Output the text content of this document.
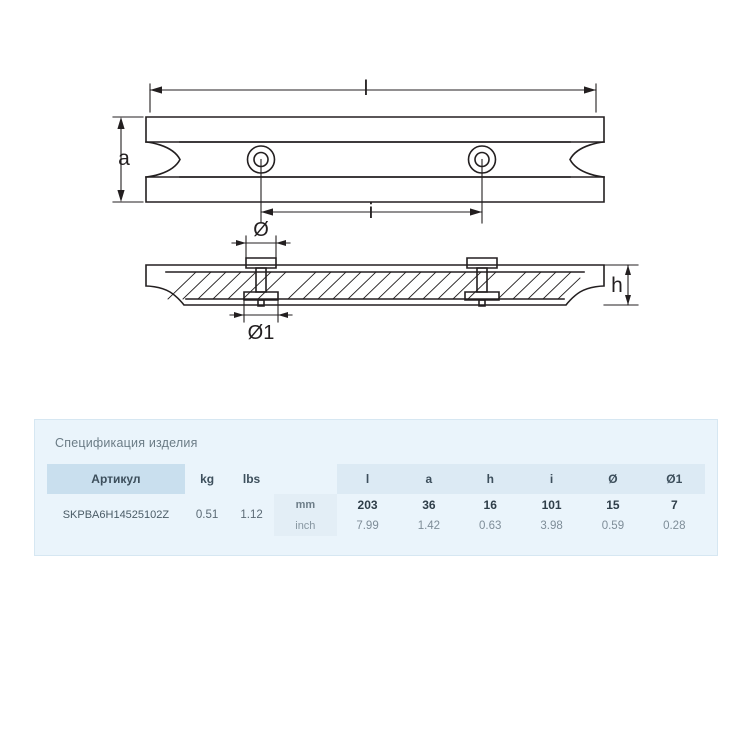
l
a
i
Ø
Ø1
h
Спецификация изделия
Артикул	kg	lbs		l	a	h	i	Ø	Ø1
SKPBA6H14525102Z	0.51	1.12	mm	203	36	16	101	15	7
			inch	7.99	1.42	0.63	3.98	0.59	0.28
